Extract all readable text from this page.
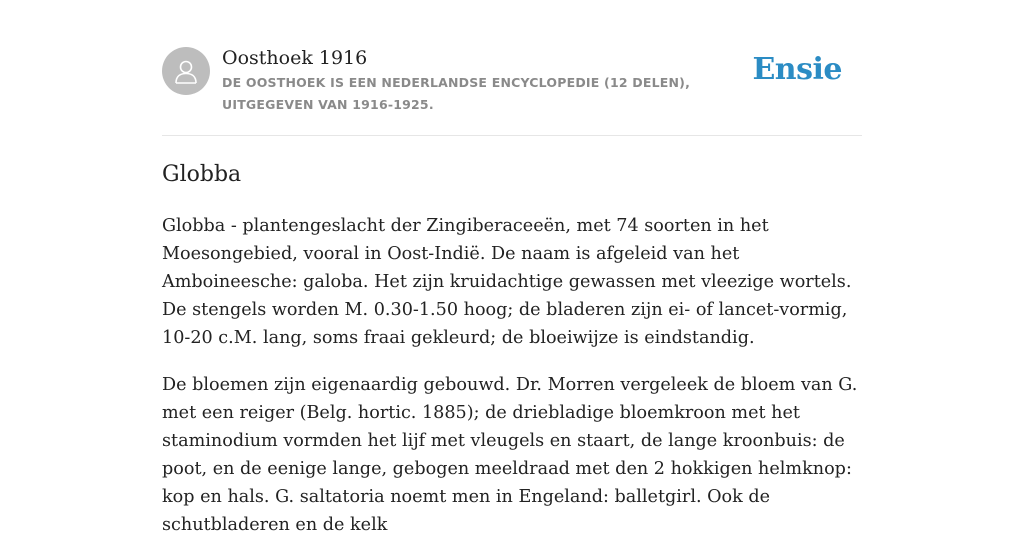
Oosthoek 1916
DE OOSTHOEK IS EEN NEDERLANDSE ENCYCLOPEDIE (12 DELEN), UITGEGEVEN VAN 1916-1925.
Ensie
Globba

Globba - plantengeslacht der Zingiberaceeën, met 74 soorten in het Moesongebied, vooral in Oost-Indië. De naam is afgeleid van het Amboineesche: galoba. Het zijn kruidachtige gewassen met vleezige wortels. De stengels worden M. 0.30-1.50 hoog; de bladeren zijn ei- of lancet-vormig, 10-20 c.M. lang, soms fraai gekleurd; de bloeiwijze is eindstandig.

De bloemen zijn eigenaardig gebouwd. Dr. Morren vergeleek de bloem van G. met een reiger (Belg. hortic. 1885); de driebladige bloemkroon met het staminodium vormden het lijf met vleugels en staart, de lange kroonbuis: de poot, en de eenige lange, gebogen meeldraad met den 2 hokkigen helmknop: kop en hals. G. saltatoria noemt men in Engeland: balletgirl. Ook de schutbladeren en de kelk
